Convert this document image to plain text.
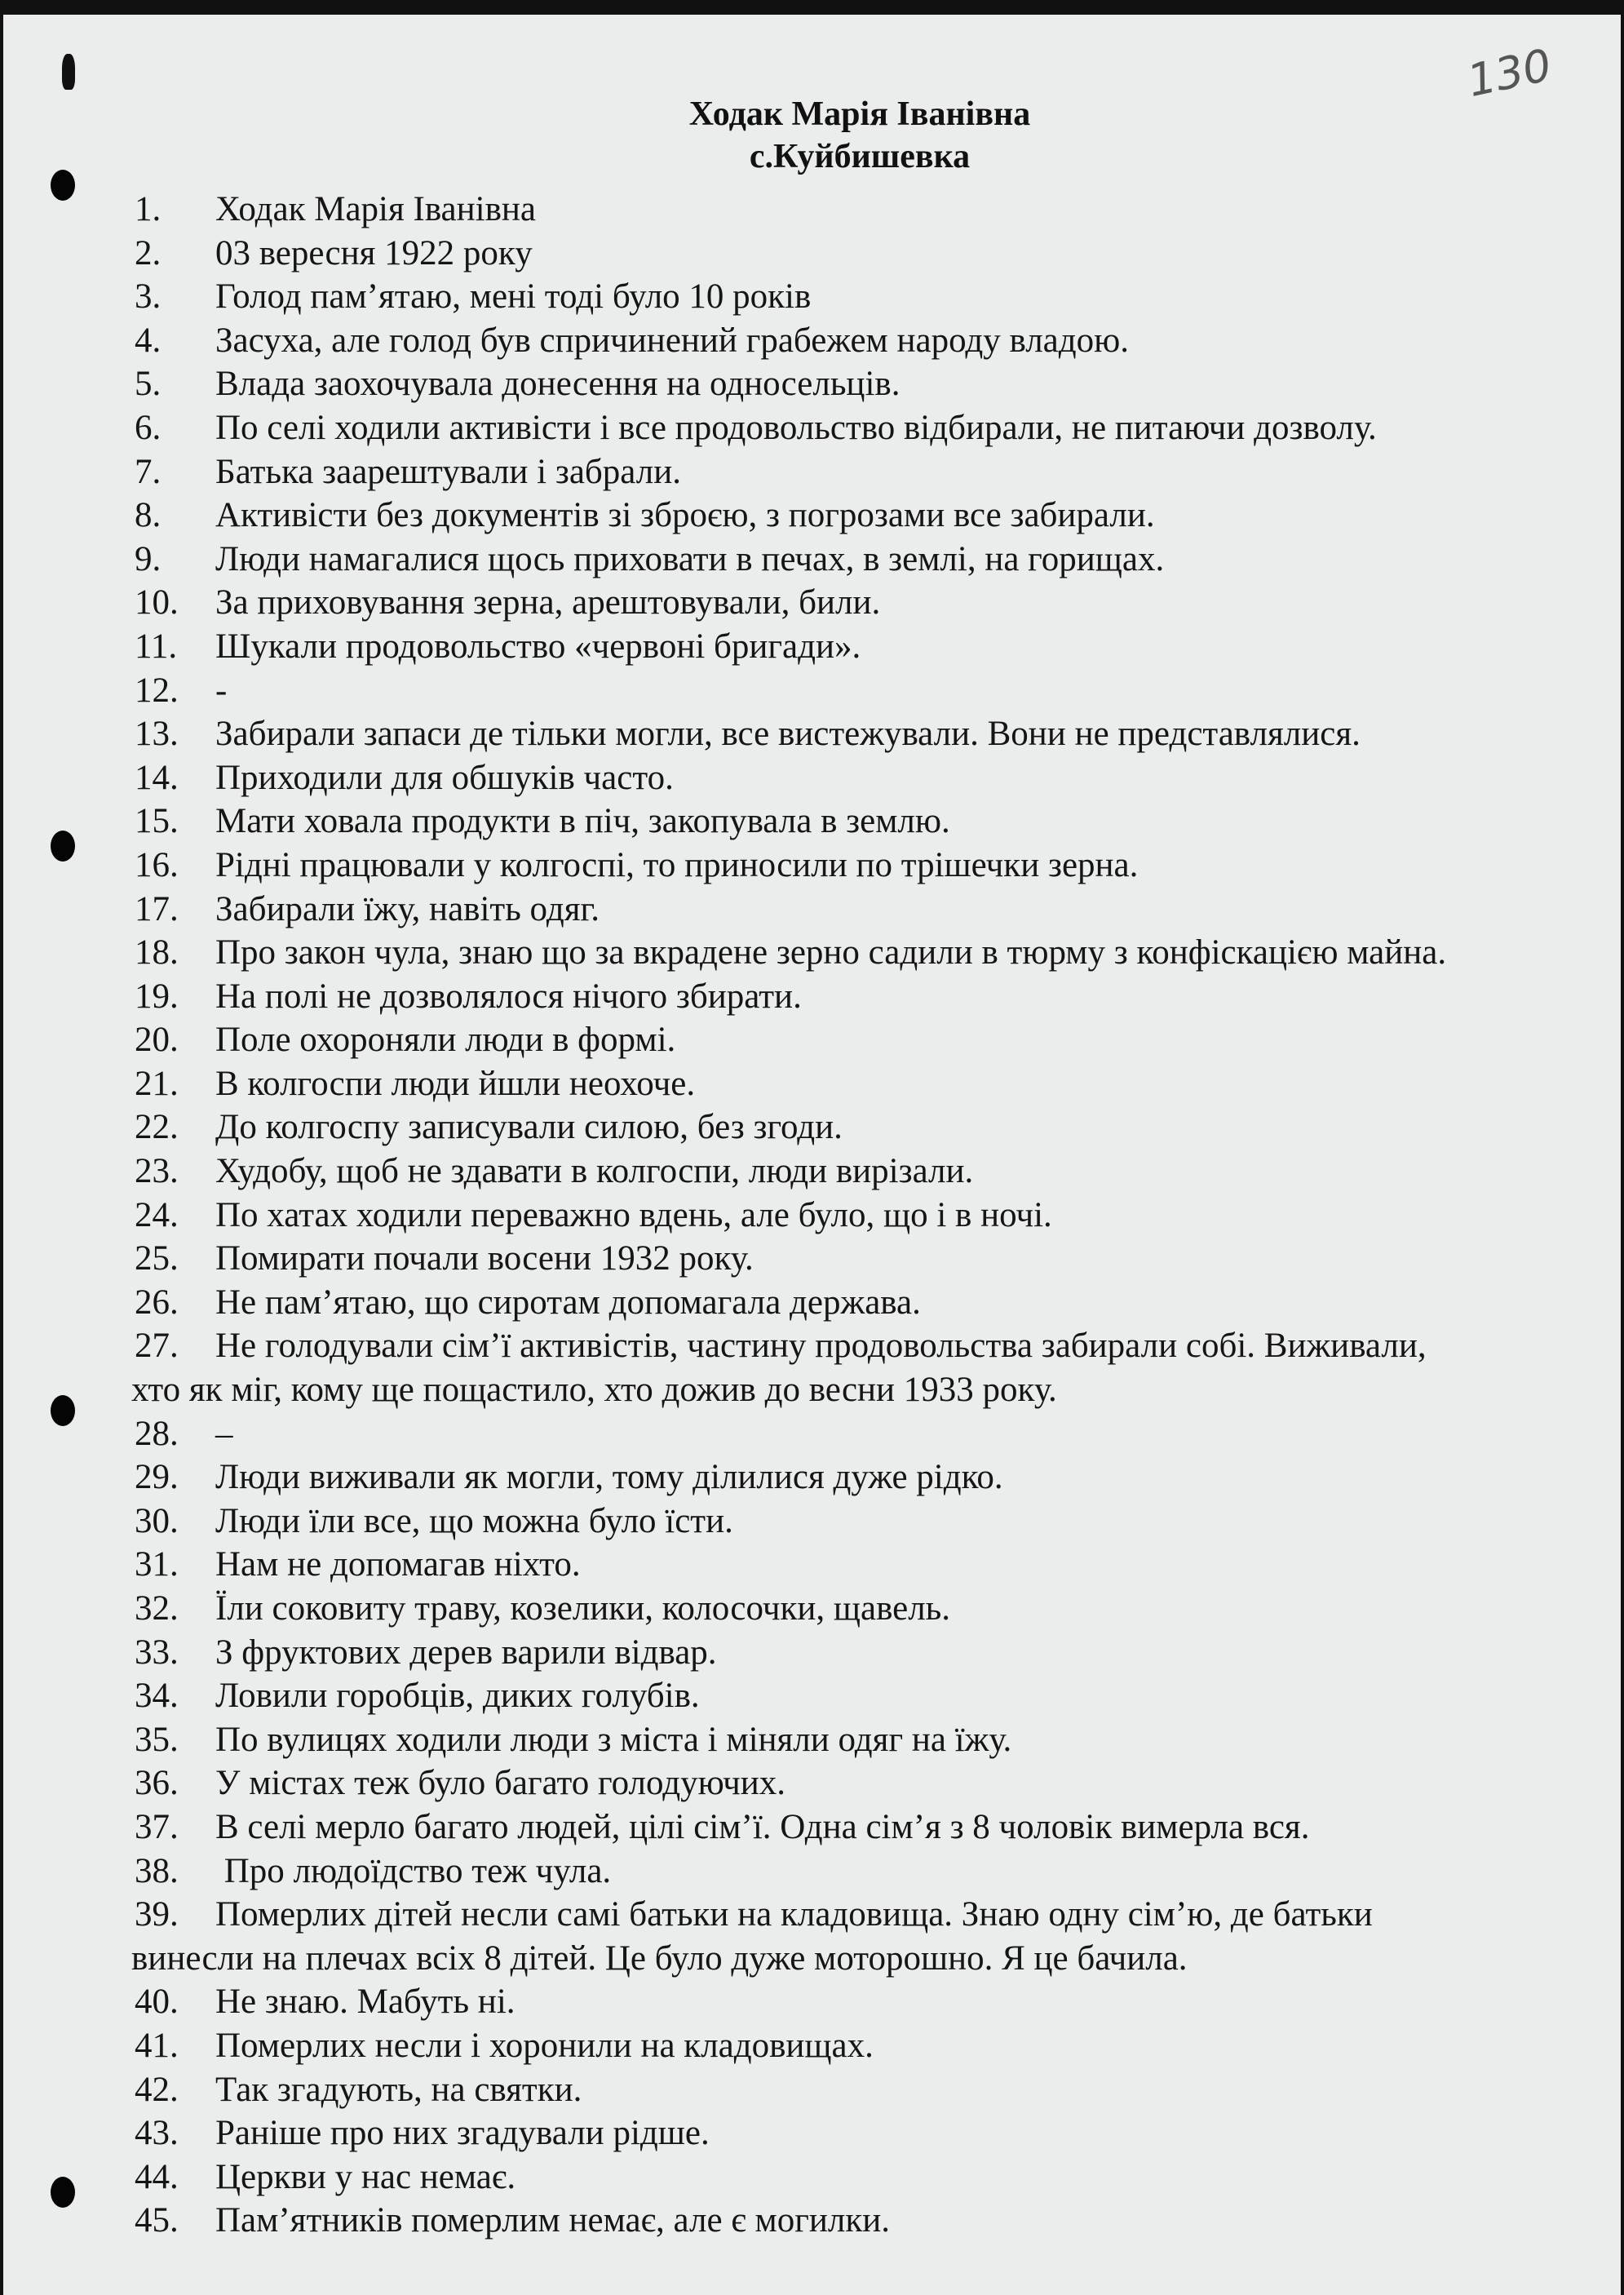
130
Ходак Марія Іванівна
с.Куйбишевка
1. Ходак Марія Іванівна
2. 03 вересня 1922 року
3. Голод пам’ятаю, мені тоді було 10 років
4. Засуха, але голод був спричинений грабежем народу владою.
5. Влада заохочувала донесення на односельців.
6. По селі ходили активісти і все продовольство відбирали, не питаючи дозволу.
7. Батька заарештували і забрали.
8. Активісти без документів зі зброєю, з погрозами все забирали.
9. Люди намагалися щось приховати в печах, в землі, на горищах.
10. За приховування зерна, арештовували, били.
11. Шукали продовольство «червоні бригади».
12. -
13. Забирали запаси де тільки могли, все вистежували. Вони не представлялися.
14. Приходили для обшуків часто.
15. Мати ховала продукти в піч, закопувала в землю.
16. Рідні працювали у колгоспі, то приносили по трішечки зерна.
17. Забирали їжу, навіть одяг.
18. Про закон чула, знаю що за вкрадене зерно садили в тюрму з конфіскацією майна.
19. На полі не дозволялося нічого збирати.
20. Поле охороняли люди в формі.
21. В колгоспи люди йшли неохоче.
22. До колгоспу записували силою, без згоди.
23. Худобу, щоб не здавати в колгоспи, люди вирізали.
24. По хатах ходили переважно вдень, але було, що і в ночі.
25. Помирати почали восени 1932 року.
26. Не пам’ятаю, що сиротам допомагала держава.
27. Не голодували сім’ї активістів, частину продовольства забирали собі. Виживали,
хто як міг, кому ще пощастило, хто дожив до весни 1933 року.
28. –
29. Люди виживали як могли, тому ділилися дуже рідко.
30. Люди їли все, що можна було їсти.
31. Нам не допомагав ніхто.
32. Їли соковиту траву, козелики, колосочки, щавель.
33. З фруктових дерев варили відвар.
34. Ловили горобців, диких голубів.
35. По вулицях ходили люди з міста і міняли одяг на їжу.
36. У містах теж було багато голодуючих.
37. В селі мерло багато людей, цілі сім’ї. Одна сім’я з 8 чоловік вимерла вся.
38. Про людоїдство теж чула.
39. Померлих дітей несли самі батьки на кладовища. Знаю одну сім’ю, де батьки
винесли на плечах всіх 8 дітей. Це було дуже моторошно. Я це бачила.
40. Не знаю. Мабуть ні.
41. Померлих несли і хоронили на кладовищах.
42. Так згадують, на святки.
43. Раніше про них згадували рідше.
44. Церкви у нас немає.
45. Пам’ятників померлим немає, але є могилки.
